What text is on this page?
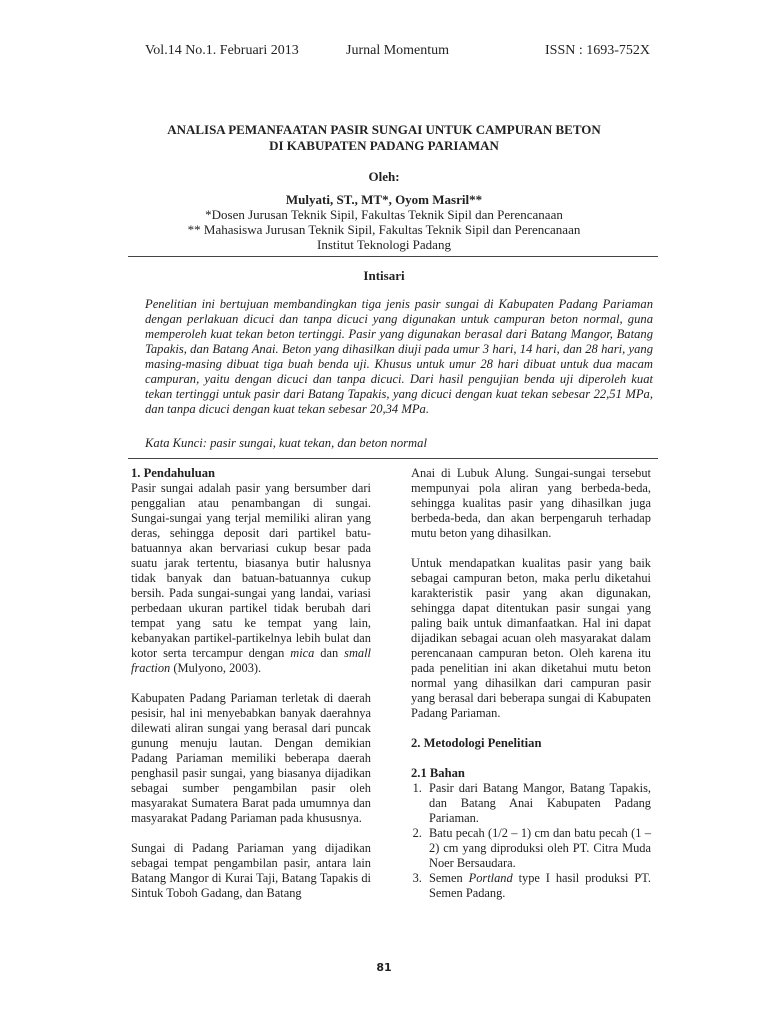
Vol.14 No.1. Februari 2013	Jurnal Momentum	ISSN : 1693-752X
ANALISA PEMANFAATAN PASIR SUNGAI UNTUK CAMPURAN BETON
DI KABUPATEN PADANG PARIAMAN
Oleh:
Mulyati, ST., MT*, Oyom Masril**
*Dosen Jurusan Teknik Sipil, Fakultas Teknik Sipil dan Perencanaan
** Mahasiswa Jurusan Teknik Sipil, Fakultas Teknik Sipil dan Perencanaan
Institut Teknologi Padang
Intisari
Penelitian ini bertujuan membandingkan tiga jenis pasir sungai di Kabupaten Padang Pariaman dengan perlakuan dicuci dan tanpa dicuci yang digunakan untuk campuran beton normal, guna memperoleh kuat tekan beton tertinggi. Pasir yang digunakan berasal dari Batang Mangor, Batang Tapakis, dan Batang Anai. Beton yang dihasilkan diuji pada umur 3 hari, 14 hari, dan 28 hari, yang masing-masing dibuat tiga buah benda uji. Khusus untuk umur 28 hari dibuat untuk dua macam campuran, yaitu dengan dicuci dan tanpa dicuci. Dari hasil pengujian benda uji diperoleh kuat tekan tertinggi untuk pasir dari Batang Tapakis, yang dicuci dengan kuat tekan sebesar 22,51 MPa, dan tanpa dicuci dengan kuat tekan sebesar 20,34 MPa.
Kata Kunci: pasir sungai, kuat tekan, dan beton normal
1. Pendahuluan

Pasir sungai adalah pasir yang bersumber dari penggalian atau penambangan di sungai. Sungai-sungai yang terjal memiliki aliran yang deras, sehingga deposit dari partikel batu-batuannya akan bervariasi cukup besar pada suatu jarak tertentu, biasanya butir halusnya tidak banyak dan batuan-batuannya cukup bersih. Pada sungai-sungai yang landai, variasi perbedaan ukuran partikel tidak berubah dari tempat yang satu ke tempat yang lain, kebanyakan partikel-partikelnya lebih bulat dan kotor serta tercampur dengan mica dan small fraction (Mulyono, 2003).

Kabupaten Padang Pariaman terletak di daerah pesisir, hal ini menyebabkan banyak daerahnya dilewati aliran sungai yang berasal dari puncak gunung menuju lautan. Dengan demikian Padang Pariaman memiliki beberapa daerah penghasil pasir sungai, yang biasanya dijadikan sebagai sumber pengambilan pasir oleh masyarakat Sumatera Barat pada umumnya dan masyarakat Padang Pariaman pada khususnya.

Sungai di Padang Pariaman yang dijadikan sebagai tempat pengambilan pasir, antara lain Batang Mangor di Kurai Taji, Batang Tapakis di Sintuk Toboh Gadang, dan Batang

Anai di Lubuk Alung. Sungai-sungai tersebut mempunyai pola aliran yang berbeda-beda, sehingga kualitas pasir yang dihasilkan juga berbeda-beda, dan akan berpengaruh terhadap mutu beton yang dihasilkan.

Untuk mendapatkan kualitas pasir yang baik sebagai campuran beton, maka perlu diketahui karakteristik pasir yang akan digunakan, sehingga dapat ditentukan pasir sungai yang paling baik untuk dimanfaatkan. Hal ini dapat dijadikan sebagai acuan oleh masyarakat dalam perencanaan campuran beton. Oleh karena itu pada penelitian ini akan diketahui mutu beton normal yang dihasilkan dari campuran pasir yang berasal dari beberapa sungai di Kabupaten Padang Pariaman.

2. Metodologi Penelitian
2.1 Bahan
1. Pasir dari Batang Mangor, Batang Tapakis, dan Batang Anai Kabupaten Padang Pariaman.
2. Batu pecah (1/2 – 1) cm dan batu pecah (1 – 2) cm yang diproduksi oleh PT. Citra Muda Noer Bersaudara.
3. Semen Portland type I hasil produksi PT. Semen Padang.
81
